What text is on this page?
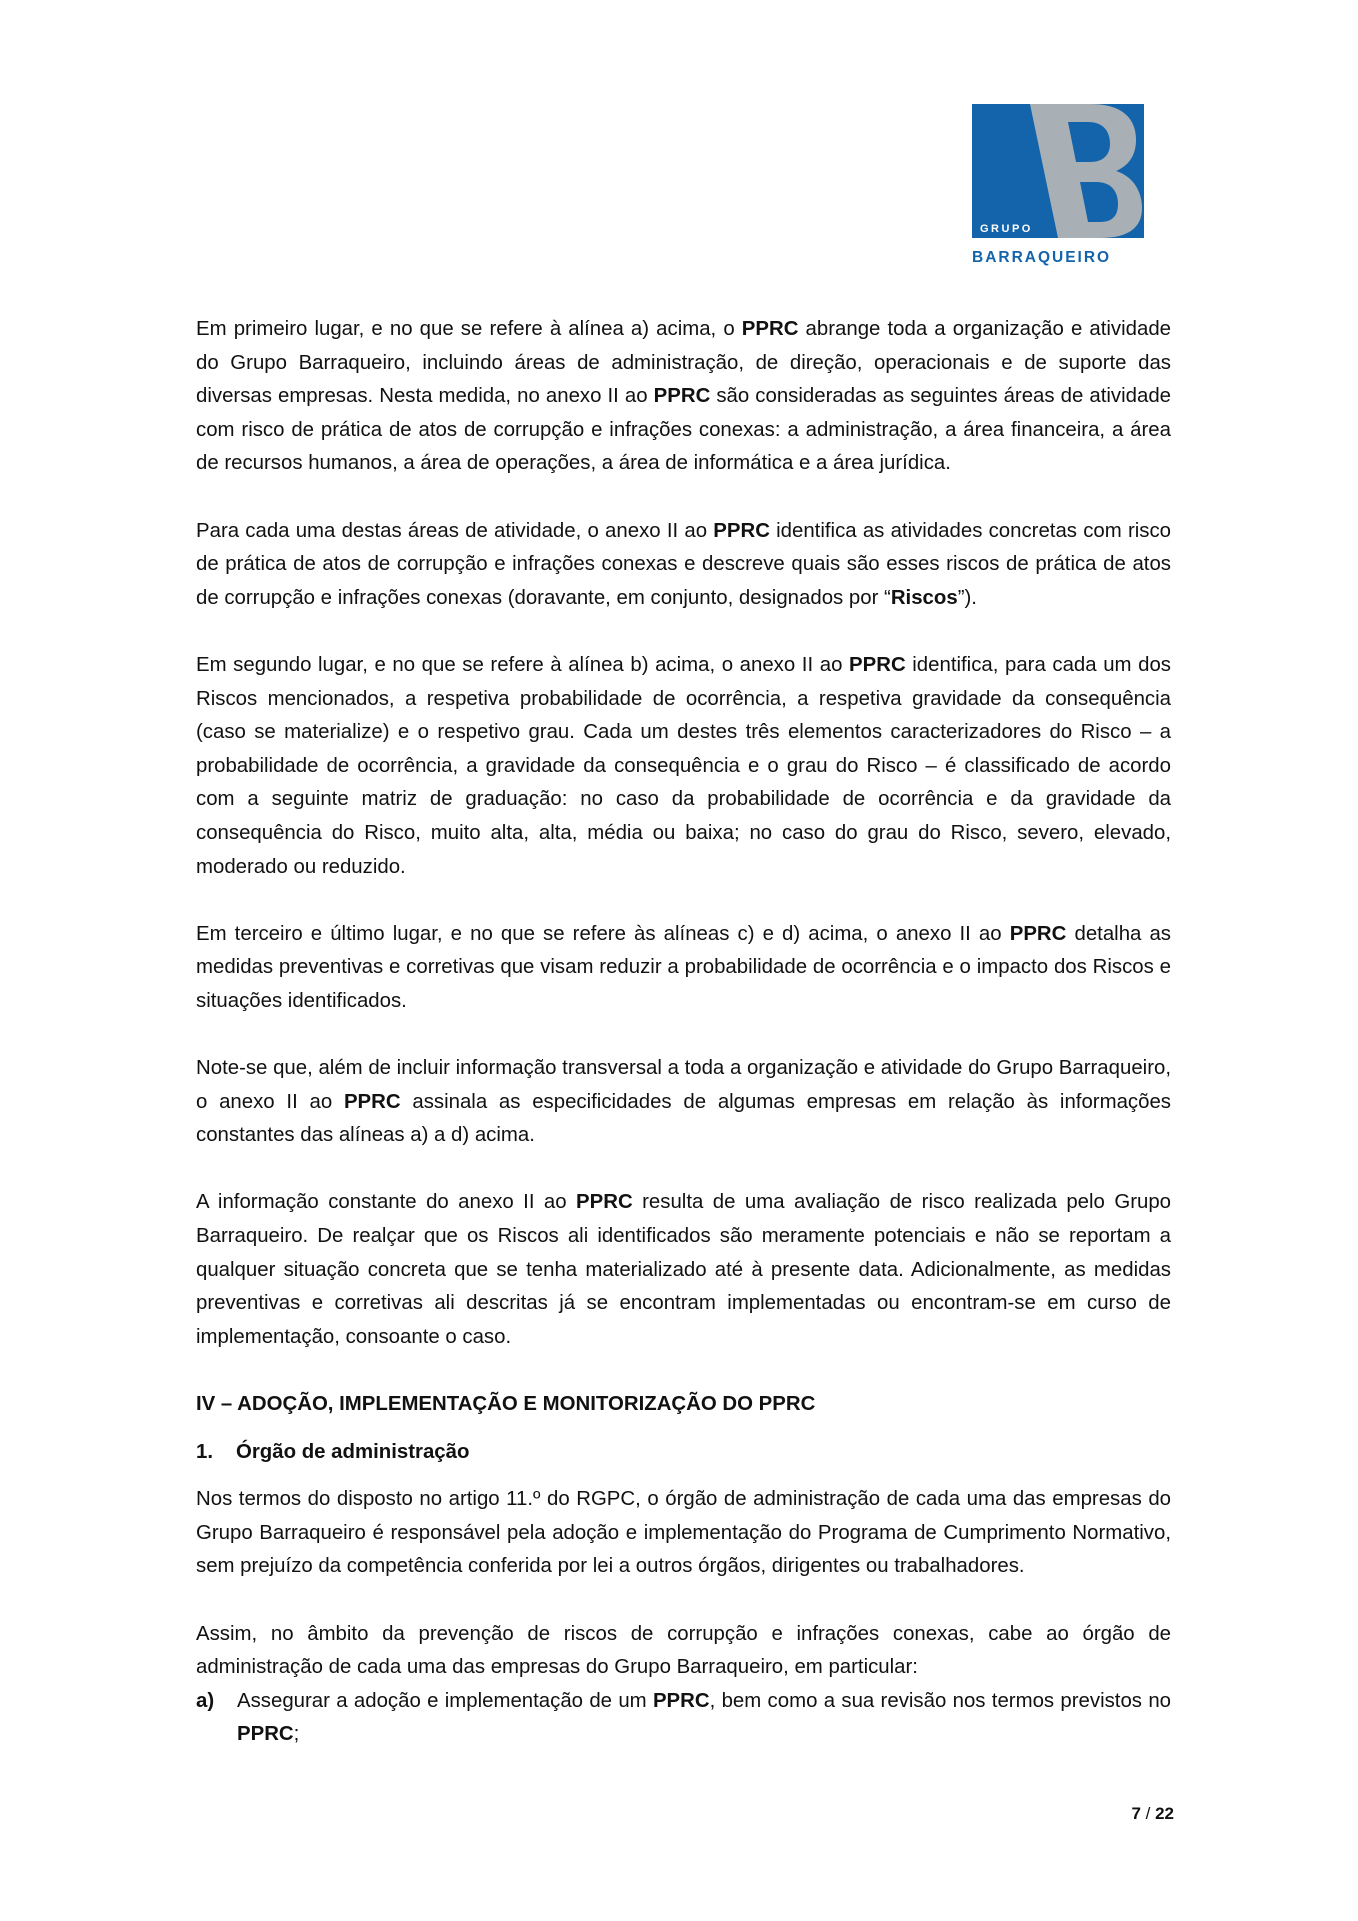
GRUPO
BARRAQUEIRO

Em primeiro lugar, e no que se refere à alínea a) acima, o PPRC abrange toda a organização e atividade do Grupo Barraqueiro, incluindo áreas de administração, de direção, operacionais e de suporte das diversas empresas. Nesta medida, no anexo II ao PPRC são consideradas as seguintes áreas de atividade com risco de prática de atos de corrupção e infrações conexas: a administração, a área financeira, a área de recursos humanos, a área de operações, a área de informática e a área jurídica.

Para cada uma destas áreas de atividade, o anexo II ao PPRC identifica as atividades concretas com risco de prática de atos de corrupção e infrações conexas e descreve quais são esses riscos de prática de atos de corrupção e infrações conexas (doravante, em conjunto, designados por “Riscos”).

Em segundo lugar, e no que se refere à alínea b) acima, o anexo II ao PPRC identifica, para cada um dos Riscos mencionados, a respetiva probabilidade de ocorrência, a respetiva gravidade da consequência (caso se materialize) e o respetivo grau. Cada um destes três elementos caracterizadores do Risco – a probabilidade de ocorrência, a gravidade da consequência e o grau do Risco – é classificado de acordo com a seguinte matriz de graduação: no caso da probabilidade de ocorrência e da gravidade da consequência do Risco, muito alta, alta, média ou baixa; no caso do grau do Risco, severo, elevado, moderado ou reduzido.

Em terceiro e último lugar, e no que se refere às alíneas c) e d) acima, o anexo II ao PPRC detalha as medidas preventivas e corretivas que visam reduzir a probabilidade de ocorrência e o impacto dos Riscos e situações identificados.

Note-se que, além de incluir informação transversal a toda a organização e atividade do Grupo Barraqueiro, o anexo II ao PPRC assinala as especificidades de algumas empresas em relação às informações constantes das alíneas a) a d) acima.

A informação constante do anexo II ao PPRC resulta de uma avaliação de risco realizada pelo Grupo Barraqueiro. De realçar que os Riscos ali identificados são meramente potenciais e não se reportam a qualquer situação concreta que se tenha materializado até à presente data. Adicionalmente, as medidas preventivas e corretivas ali descritas já se encontram implementadas ou encontram-se em curso de implementação, consoante o caso.

IV – ADOÇÃO, IMPLEMENTAÇÃO E MONITORIZAÇÃO DO PPRC
1. Órgão de administração

Nos termos do disposto no artigo 11.º do RGPC, o órgão de administração de cada uma das empresas do Grupo Barraqueiro é responsável pela adoção e implementação do Programa de Cumprimento Normativo, sem prejuízo da competência conferida por lei a outros órgãos, dirigentes ou trabalhadores.

Assim, no âmbito da prevenção de riscos de corrupção e infrações conexas, cabe ao órgão de administração de cada uma das empresas do Grupo Barraqueiro, em particular:

a)	Assegurar a adoção e implementação de um PPRC, bem como a sua revisão nos termos previstos no PPRC;
7 / 22
